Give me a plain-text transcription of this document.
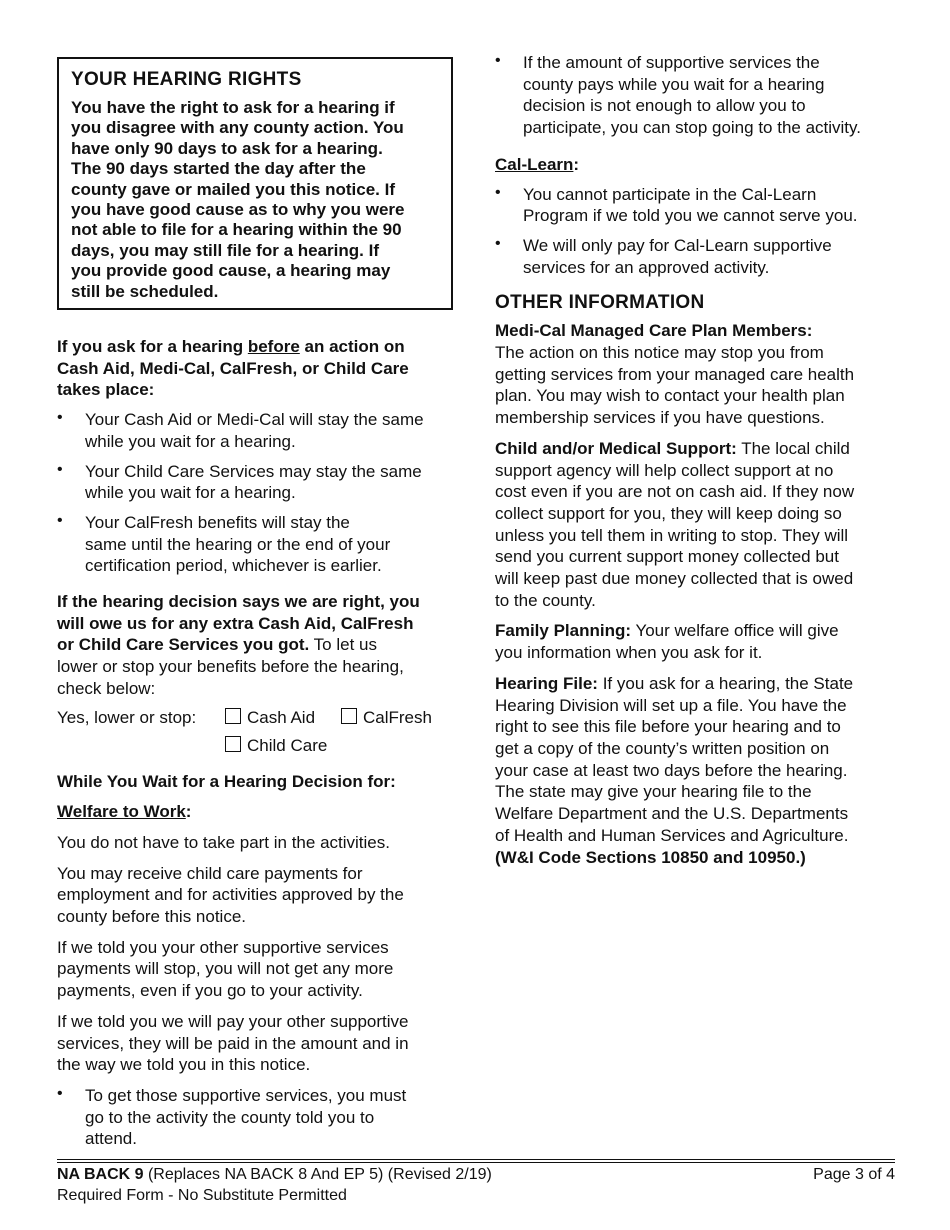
YOUR HEARING RIGHTS

You have the right to ask for a hearing if

you disagree with any county action. You

have only 90 days to ask for a hearing.

The 90 days started the day after the

county gave or mailed you this notice. If

you have good cause as to why you were

not able to file for a hearing within the 90

days, you may still file for a hearing. If

you provide good cause, a hearing may

still be scheduled.

If you ask for a hearing before an action on

Cash Aid, Medi-Cal, CalFresh, or Child Care

takes place:

• Your Cash Aid or Medi-Cal will stay the same

while you wait for a hearing.

• Your Child Care Services may stay the same

while you wait for a hearing.

• Your CalFresh benefits will stay the

same until the hearing or the end of your

certification period, whichever is earlier.

If the hearing decision says we are right, you

will owe us for any extra Cash Aid, CalFresh

or Child Care Services you got. To let us

lower or stop your benefits before the hearing,

check below:

Yes, lower or stop:	Cash Aid	CalFresh
Child Care

While You Wait for a Hearing Decision for:

Welfare to Work:

You do not have to take part in the activities.

You may receive child care payments for

employment and for activities approved by the

county before this notice.

If we told you your other supportive services

payments will stop, you will not get any more

payments, even if you go to your activity.

If we told you we will pay your other supportive

services, they will be paid in the amount and in

the way we told you in this notice.

• To get those supportive services, you must

go to the activity the county told you to

attend.

• If the amount of supportive services the

county pays while you wait for a hearing

decision is not enough to allow you to

participate, you can stop going to the activity.

Cal-Learn:

• You cannot participate in the Cal-Learn

Program if we told you we cannot serve you.

• We will only pay for Cal-Learn supportive

services for an approved activity.

OTHER INFORMATION

Medi-Cal Managed Care Plan Members:

The action on this notice may stop you from

getting services from your managed care health

plan. You may wish to contact your health plan

membership services if you have questions.

Child and/or Medical Support: The local child

support agency will help collect support at no

cost even if you are not on cash aid. If they now

collect support for you, they will keep doing so

unless you tell them in writing to stop. They will

send you current support money collected but

will keep past due money collected that is owed

to the county.

Family Planning: Your welfare office will give

you information when you ask for it.

Hearing File: If you ask for a hearing, the State

Hearing Division will set up a file. You have the

right to see this file before your hearing and to

get a copy of the county’s written position on

your case at least two days before the hearing.

The state may give your hearing file to the

Welfare Department and the U.S. Departments

of Health and Human Services and Agriculture.

(W&I Code Sections 10850 and 10950.)

NA BACK 9 (Replaces NA BACK 8 And EP 5) (Revised 2/19)	Page 3 of 4

Required Form - No Substitute Permitted
